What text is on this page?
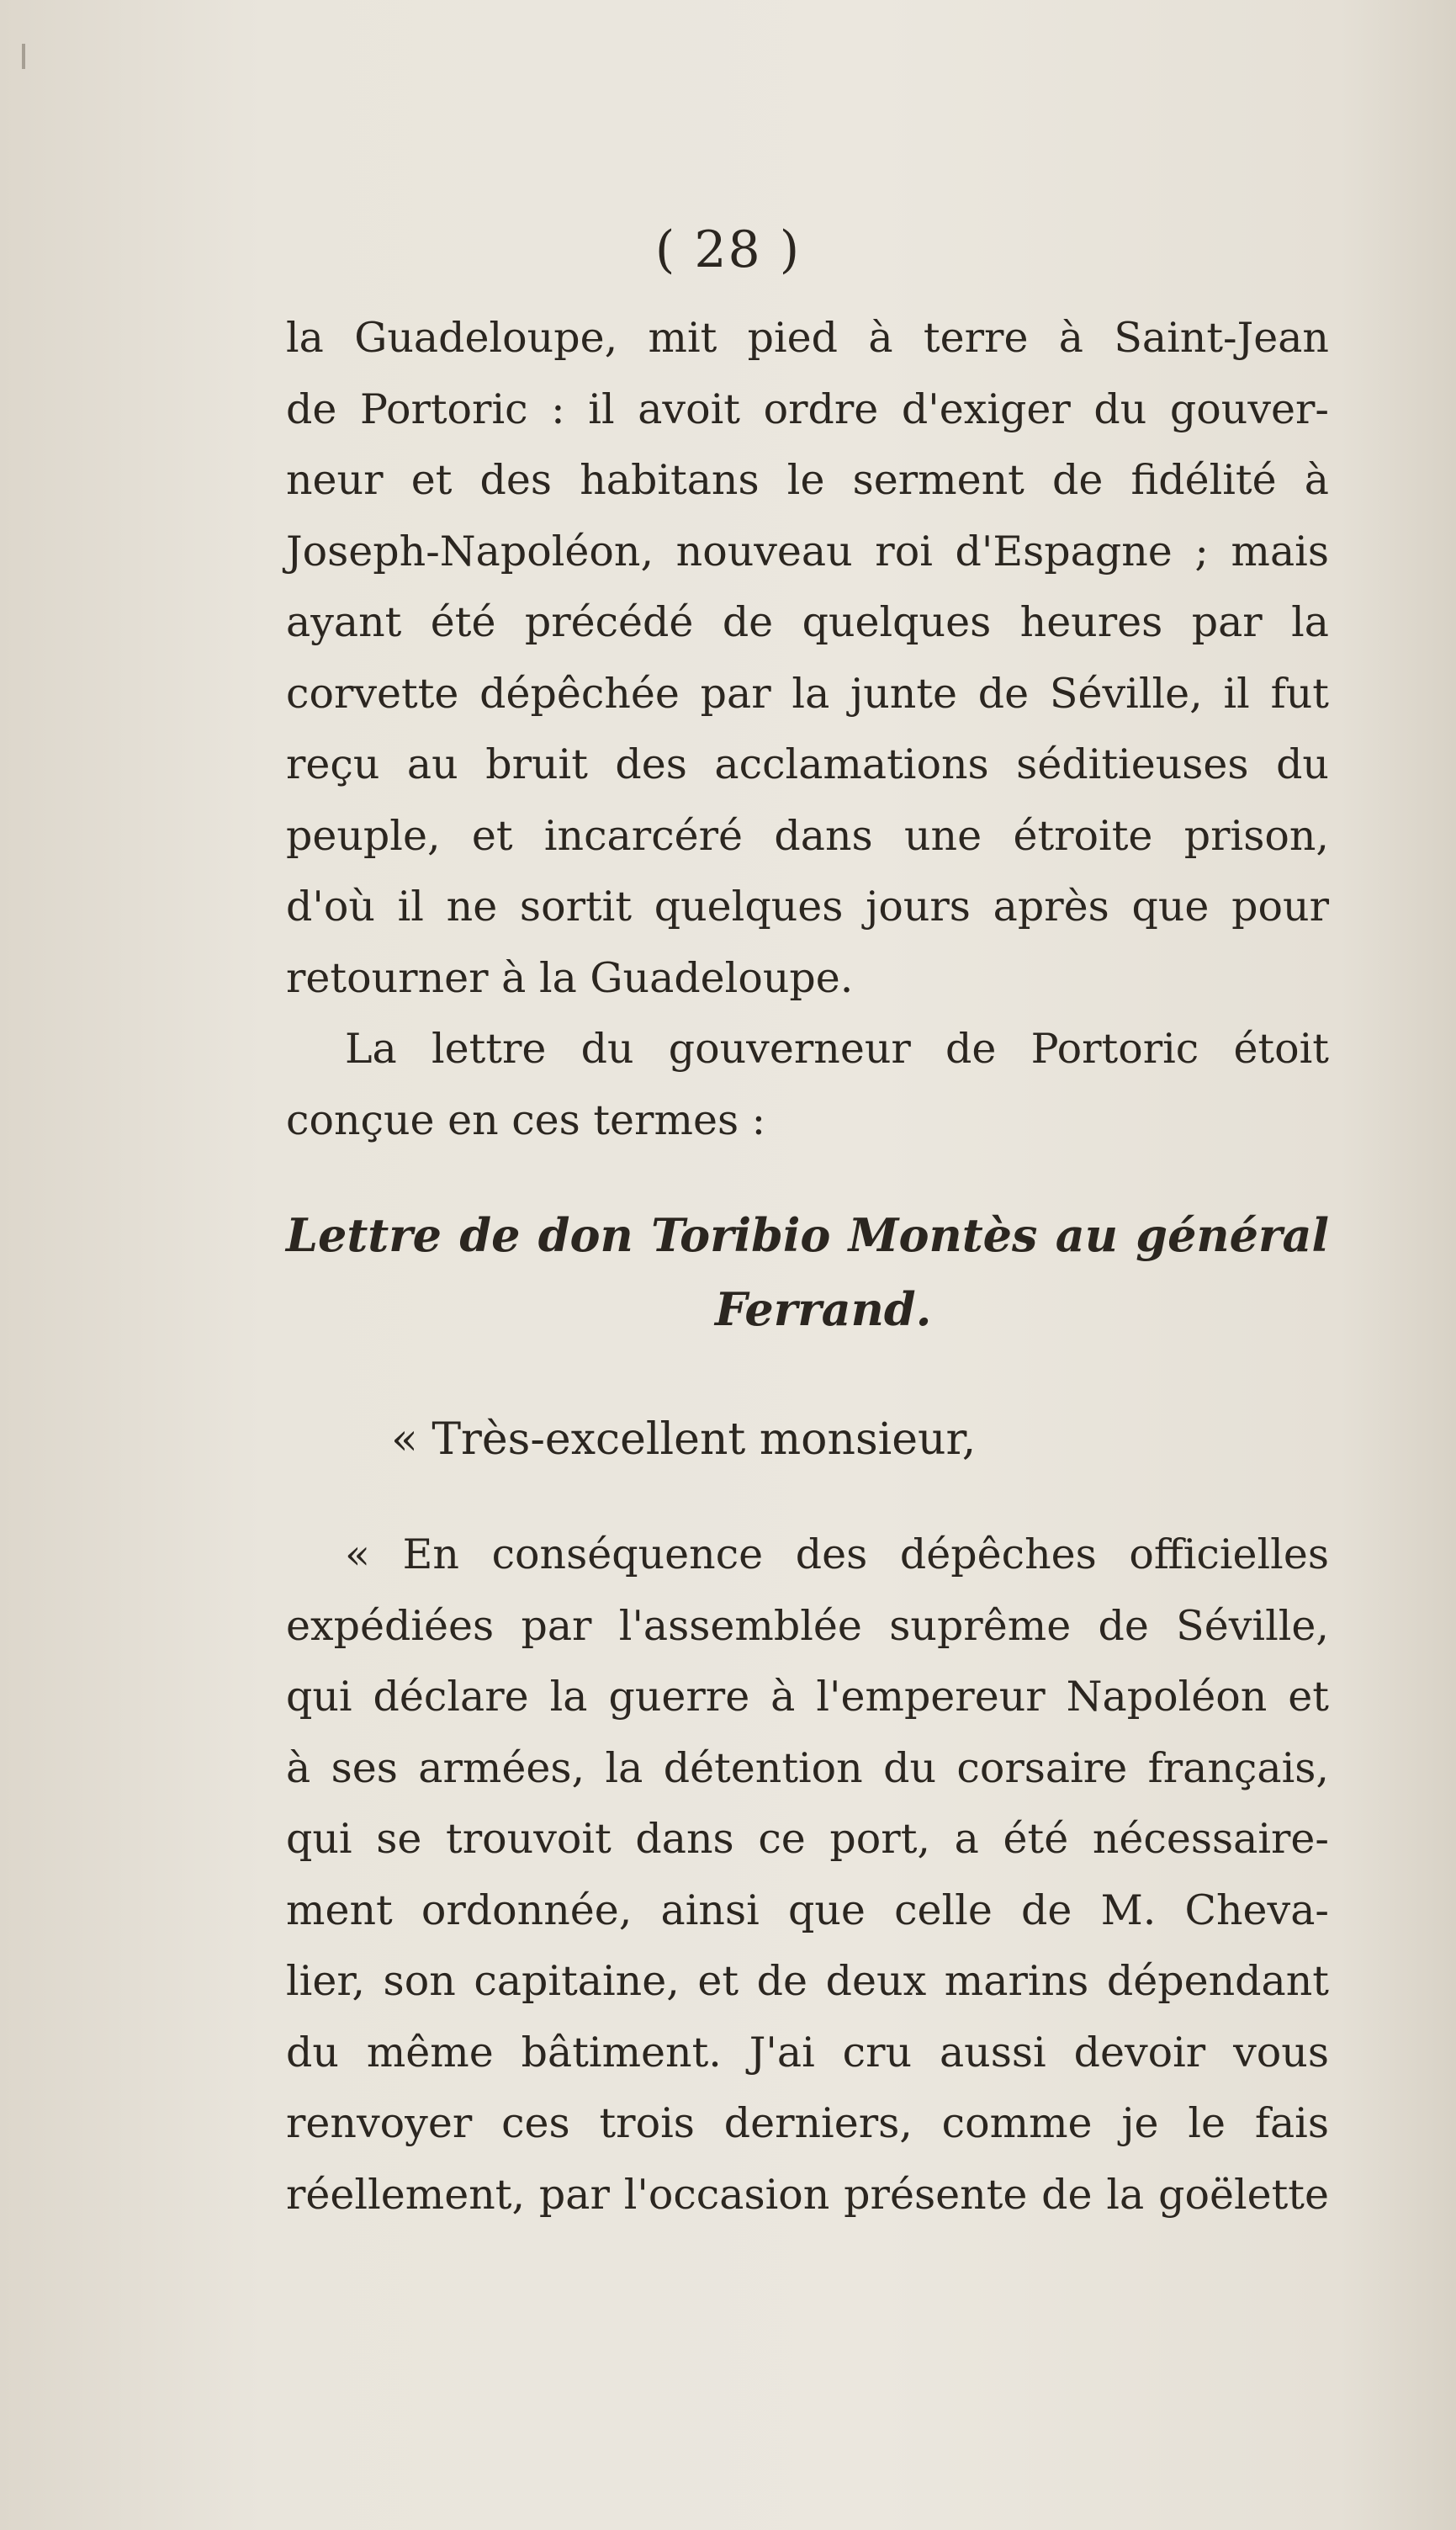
( 28 )
la Guadeloupe, mit pied à terre à Saint-Jean
de Portoric : il avoit ordre d'exiger du gouver-
neur et des habitans le serment de fidélité à
Joseph-Napoléon, nouveau roi d'Espagne ; mais
ayant été précédé de quelques heures par la
corvette dépêchée par la junte de Séville, il fut
reçu au bruit des acclamations séditieuses du
peuple, et incarcéré dans une étroite prison,
d'où il ne sortit quelques jours après que pour
retourner à la Guadeloupe.
La lettre du gouverneur de Portoric étoit
conçue en ces termes :
Lettre de don Toribio Montès au général
Ferrand.
« Très-excellent monsieur,
« En conséquence des dépêches officielles
expédiées par l'assemblée suprême de Séville,
qui déclare la guerre à l'empereur Napoléon et
à ses armées, la détention du corsaire français,
qui se trouvoit dans ce port, a été nécessaire-
ment ordonnée, ainsi que celle de M. Cheva-
lier, son capitaine, et de deux marins dépendant
du même bâtiment. J'ai cru aussi devoir vous
renvoyer ces trois derniers, comme je le fais
réellement, par l'occasion présente de la goëlette
